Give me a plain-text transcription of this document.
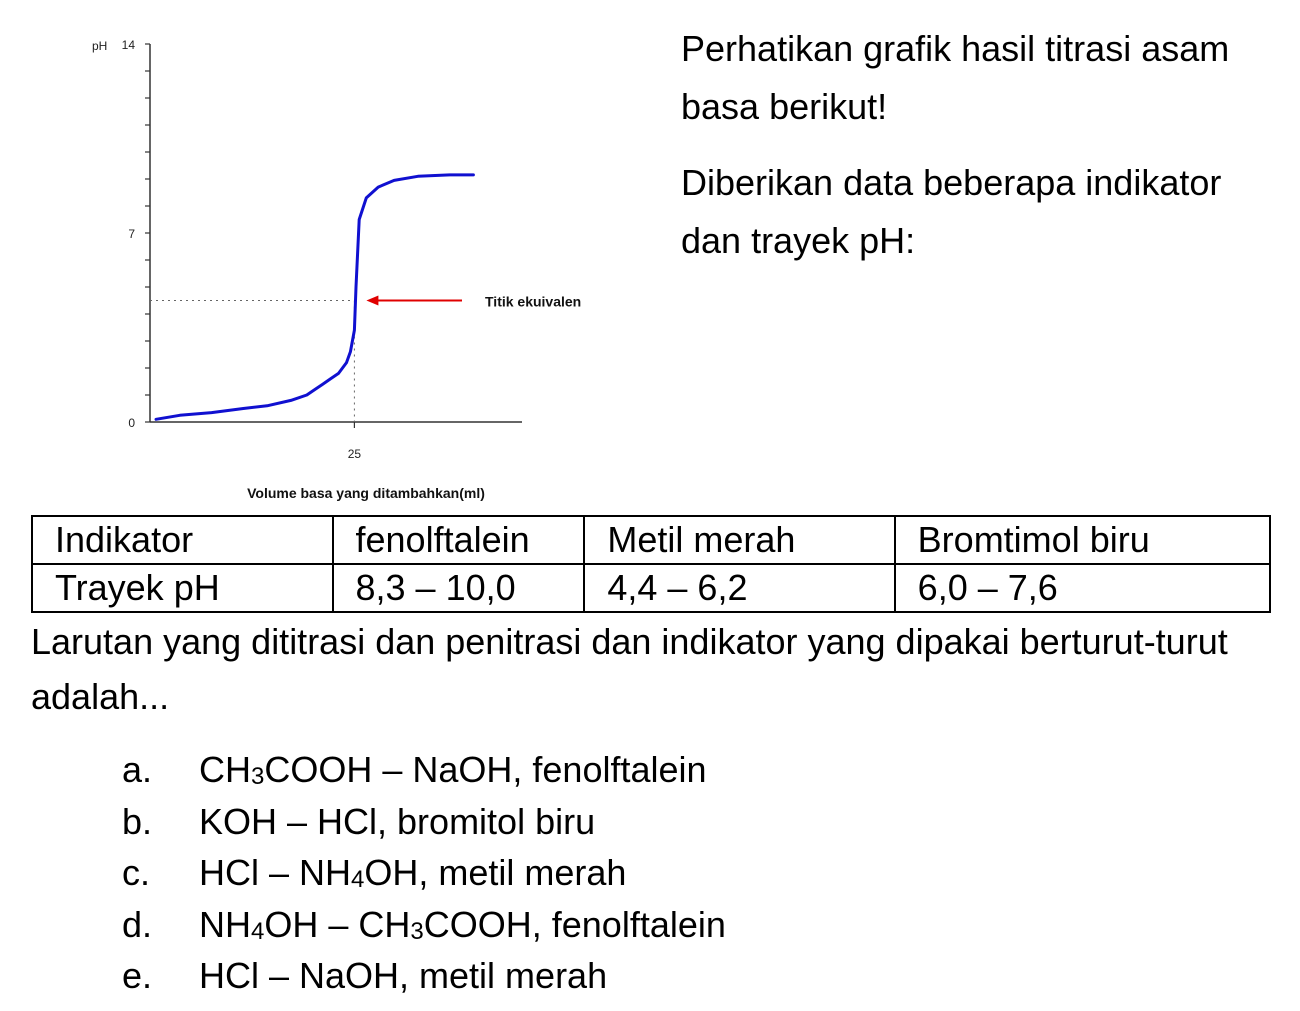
0
7
14
pH
25
Volume basa yang ditambahkan(ml)
Titik ekuivalen

Perhatikan grafik hasil titrasi asam basa berikut!

Diberikan data beberapa indikator dan trayek pH:

Indikator	fenolftalein	Metil merah	Bromtimol biru
Trayek pH	8,3 – 10,0	4,4 – 6,2	6,0 – 7,6

Larutan yang dititrasi dan penitrasi dan indikator yang dipakai berturut-turut adalah...

a. $CH_3COOH$ – NaOH, fenolftalein
b. KOH – HCl, bromitol biru
c. HCl – $NH_4OH$, metil merah
d. $NH_4OH$ – $CH_3COOH$, fenolftalein
e. HCl – NaOH, metil merah
